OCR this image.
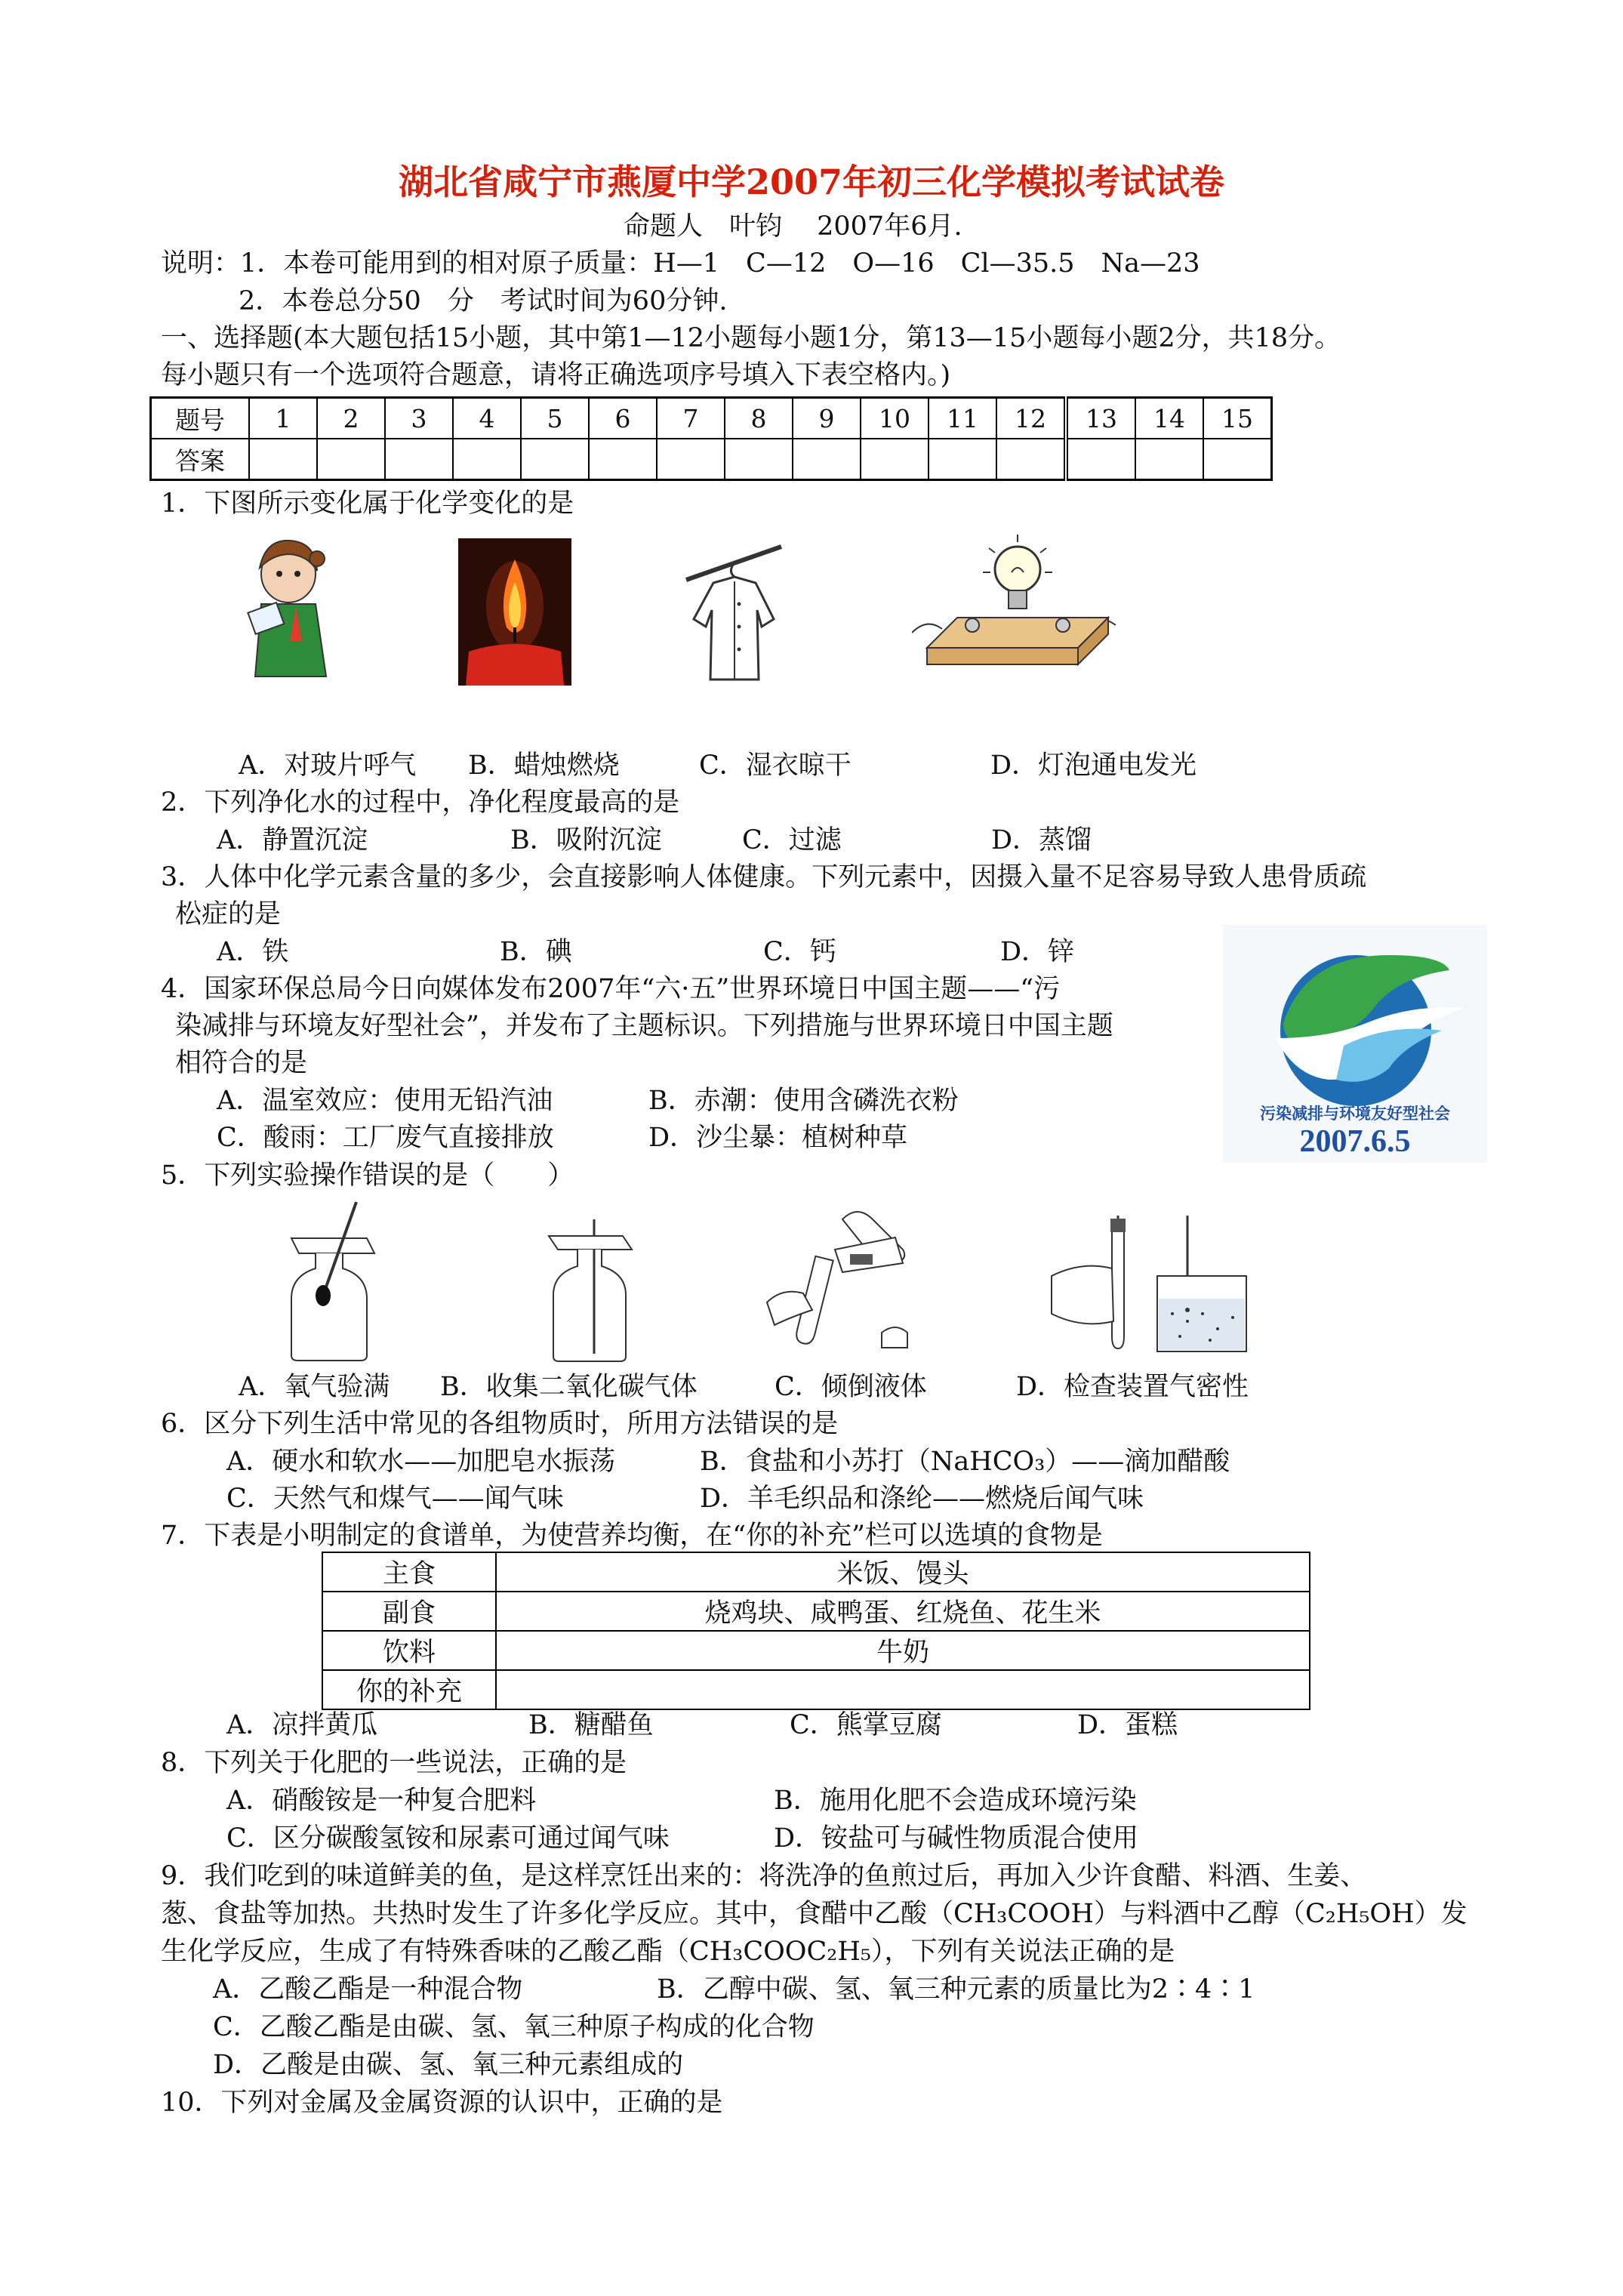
湖北省咸宁市燕厦中学2007年初三化学模拟考试试卷
命题人　叶钧　 2007年6月.
说明：1．本卷可能用到的相对原子质量：H—1　C—12　O—16　Cl—35.5　Na—23
2．本卷总分50　分　考试时间为60分钟.
一、选择题(本大题包括15小题，其中第1—12小题每小题1分，第13—15小题每小题2分，共18分。
每小题只有一个选项符合题意，请将正确选项序号填入下表空格内。)
题号	1	2	3	4	5	6	7	8	9	10	11	12	13	14	15
答案															
1．下图所示变化属于化学变化的是
A．对玻片呼气 B．蜡烛燃烧	C．湿衣晾干	D．灯泡通电发光
2．下列净化水的过程中，净化程度最高的是
A．静置沉淀	B．吸附沉淀	C．过滤	D．蒸馏
3．人体中化学元素含量的多少，会直接影响人体健康。下列元素中，因摄入量不足容易导致人患骨质疏
松症的是
A．铁	B．碘	C．钙	D．锌
污染减排与环境友好型社会
2007.6.5
4．国家环保总局今日向媒体发布2007年“六·五”世界环境日中国主题——“污
染减排与环境友好型社会”，并发布了主题标识。下列措施与世界环境日中国主题
相符合的是
A．温室效应：使用无铅汽油	B．赤潮：使用含磷洗衣粉
C．酸雨：工厂废气直接排放	D．沙尘暴：植树种草
5．下列实验操作错误的是（　　）
A．氧气验满 B．收集二氧化碳气体	C．倾倒液体	D．检查装置气密性
6．区分下列生活中常见的各组物质时，所用方法错误的是
A．硬水和软水——加肥皂水振荡	B．食盐和小苏打（NaHCO₃）——滴加醋酸
C．天然气和煤气——闻气味	D．羊毛织品和涤纶——燃烧后闻气味
7．下表是小明制定的食谱单，为使营养均衡，在“你的补充”栏可以选填的食物是
主食	米饭、馒头
副食	烧鸡块、咸鸭蛋、红烧鱼、花生米
饮料	牛奶
你的补充	
A．凉拌黄瓜	B．糖醋鱼	C．熊掌豆腐	D．蛋糕
8．下列关于化肥的一些说法，正确的是
A．硝酸铵是一种复合肥料	B．施用化肥不会造成环境污染
C．区分碳酸氢铵和尿素可通过闻气味	D．铵盐可与碱性物质混合使用
9．我们吃到的味道鲜美的鱼，是这样烹饪出来的：将洗净的鱼煎过后，再加入少许食醋、料酒、生姜、
葱、食盐等加热。共热时发生了许多化学反应。其中，食醋中乙酸（CH₃COOH）与料酒中乙醇（C₂H₅OH）发
生化学反应，生成了有特殊香味的乙酸乙酯（CH₃COOC₂H₅），下列有关说法正确的是
A．乙酸乙酯是一种混合物	B．乙醇中碳、氢、氧三种元素的质量比为2∶4∶1
C．乙酸乙酯是由碳、氢、氧三种原子构成的化合物
D．乙酸是由碳、氢、氧三种元素组成的
10．下列对金属及金属资源的认识中，正确的是
